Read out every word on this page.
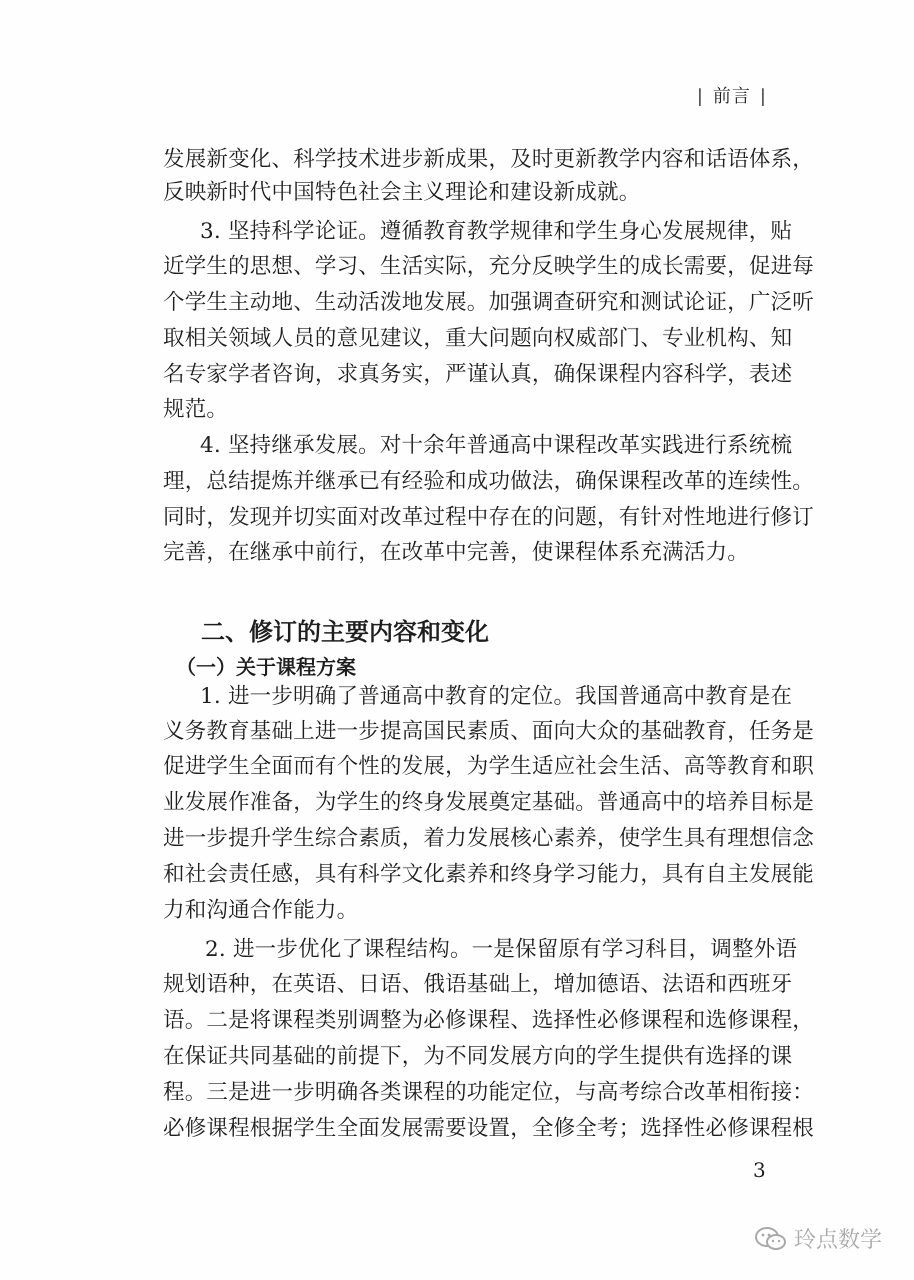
| 前言 |
发展新变化、科学技术进步新成果，及时更新教学内容和话语体系，
反映新时代中国特色社会主义理论和建设新成就。
3. 坚持科学论证。遵循教育教学规律和学生身心发展规律，贴
近学生的思想、学习、生活实际，充分反映学生的成长需要，促进每
个学生主动地、生动活泼地发展。加强调查研究和测试论证，广泛听
取相关领域人员的意见建议，重大问题向权威部门、专业机构、知
名专家学者咨询，求真务实，严谨认真，确保课程内容科学，表述
规范。
4. 坚持继承发展。对十余年普通高中课程改革实践进行系统梳
理，总结提炼并继承已有经验和成功做法，确保课程改革的连续性。
同时，发现并切实面对改革过程中存在的问题，有针对性地进行修订
完善，在继承中前行，在改革中完善，使课程体系充满活力。
二、修订的主要内容和变化
（一）关于课程方案
1. 进一步明确了普通高中教育的定位。我国普通高中教育是在
义务教育基础上进一步提高国民素质、面向大众的基础教育，任务是
促进学生全面而有个性的发展，为学生适应社会生活、高等教育和职
业发展作准备，为学生的终身发展奠定基础。普通高中的培养目标是
进一步提升学生综合素质，着力发展核心素养，使学生具有理想信念
和社会责任感，具有科学文化素养和终身学习能力，具有自主发展能
力和沟通合作能力。
2. 进一步优化了课程结构。一是保留原有学习科目，调整外语
规划语种，在英语、日语、俄语基础上，增加德语、法语和西班牙
语。二是将课程类别调整为必修课程、选择性必修课程和选修课程，
在保证共同基础的前提下，为不同发展方向的学生提供有选择的课
程。三是进一步明确各类课程的功能定位，与高考综合改革相衔接：
必修课程根据学生全面发展需要设置，全修全考；选择性必修课程根
3
玲点数学
